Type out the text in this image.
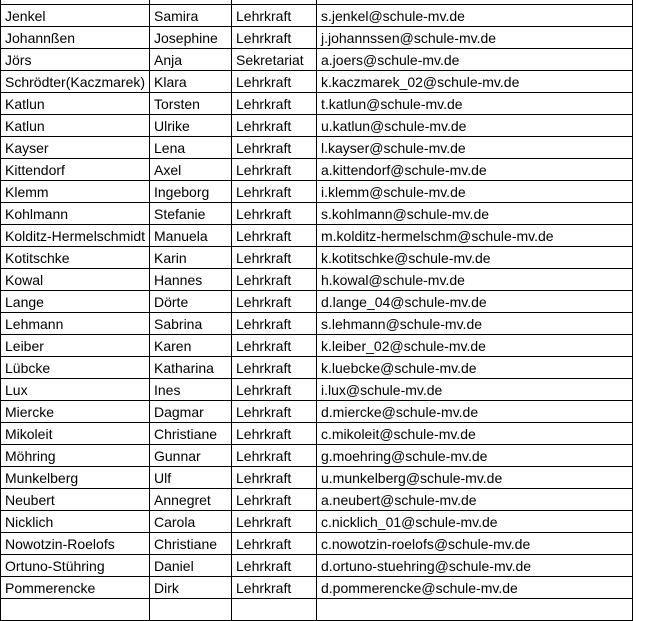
Jenkel	Samira	Lehrkraft	s.jenkel@schule-mv.de
Johannßen	Josephine	Lehrkraft	j.johannssen@schule-mv.de
Jörs	Anja	Sekretariat	a.joers@schule-mv.de
Schrödter(Kaczmarek)	Klara	Lehrkraft	k.kaczmarek_02@schule-mv.de
Katlun	Torsten	Lehrkraft	t.katlun@schule-mv.de
Katlun	Ulrike	Lehrkraft	u.katlun@schule-mv.de
Kayser	Lena	Lehrkraft	l.kayser@schule-mv.de
Kittendorf	Axel	Lehrkraft	a.kittendorf@schule-mv.de
Klemm	Ingeborg	Lehrkraft	i.klemm@schule-mv.de
Kohlmann	Stefanie	Lehrkraft	s.kohlmann@schule-mv.de
Kolditz-Hermelschmidt	Manuela	Lehrkraft	m.kolditz-hermelschm@schule-mv.de
Kotitschke	Karin	Lehrkraft	k.kotitschke@schule-mv.de
Kowal	Hannes	Lehrkraft	h.kowal@schule-mv.de
Lange	Dörte	Lehrkraft	d.lange_04@schule-mv.de
Lehmann	Sabrina	Lehrkraft	s.lehmann@schule-mv.de
Leiber	Karen	Lehrkraft	k.leiber_02@schule-mv.de
Lübcke	Katharina	Lehrkraft	k.luebcke@schule-mv.de
Lux	Ines	Lehrkraft	i.lux@schule-mv.de
Miercke	Dagmar	Lehrkraft	d.miercke@schule-mv.de
Mikoleit	Christiane	Lehrkraft	c.mikoleit@schule-mv.de
Möhring	Gunnar	Lehrkraft	g.moehring@schule-mv.de
Munkelberg	Ulf	Lehrkraft	u.munkelberg@schule-mv.de
Neubert	Annegret	Lehrkraft	a.neubert@schule-mv.de
Nicklich	Carola	Lehrkraft	c.nicklich_01@schule-mv.de
Nowotzin-Roelofs	Christiane	Lehrkraft	c.nowotzin-roelofs@schule-mv.de
Ortuno-Stühring	Daniel	Lehrkraft	d.ortuno-stuehring@schule-mv.de
Pommerencke	Dirk	Lehrkraft	d.pommerencke@schule-mv.de
